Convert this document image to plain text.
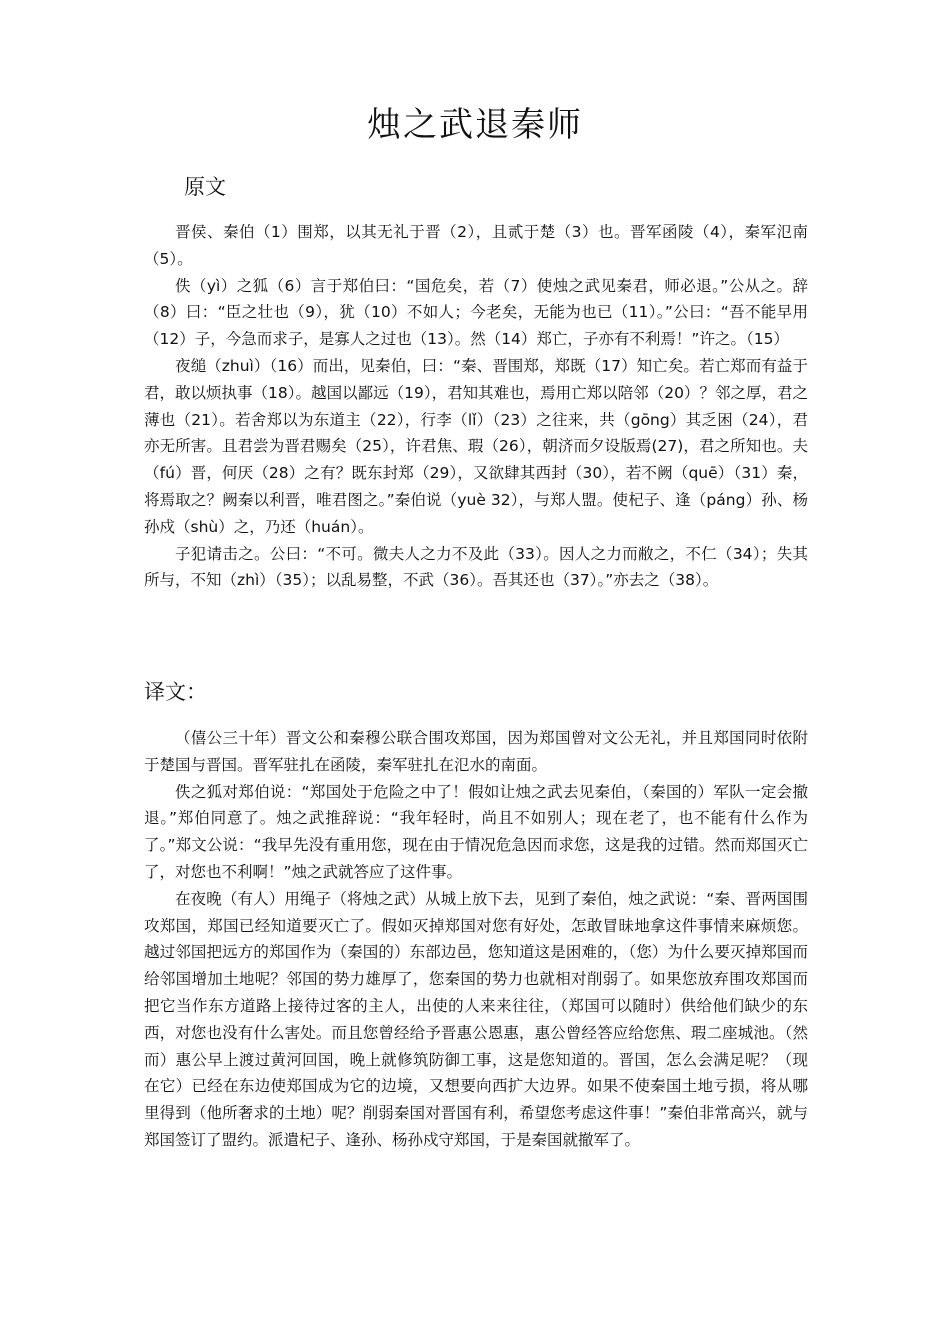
烛之武退秦师
原文

晋侯、秦伯（1）围郑，以其无礼于晋（2），且贰于楚（3）也。晋军函陵（4），秦军氾南（5）。

佚（yì）之狐（6）言于郑伯曰：“国危矣，若（7）使烛之武见秦君，师必退。”公从之。辞（8）曰：“臣之壮也（9），犹（10）不如人；今老矣，无能为也已（11）。”公曰：“吾不能早用（12）子，今急而求子，是寡人之过也（13）。然（14）郑亡，子亦有不利焉！”许之。（15）

夜缒（zhuì）（16）而出，见秦伯，曰：“秦、晋围郑，郑既（17）知亡矣。若亡郑而有益于君，敢以烦执事（18）。越国以鄙远（19），君知其难也，焉用亡郑以陪邻（20）？邻之厚，君之薄也（21）。若舍郑以为东道主（22），行李（lǐ）（23）之往来，共（gōng）其乏困（24），君亦无所害。且君尝为晋君赐矣（25），许君焦、瑕（26），朝济而夕设版焉(27)，君之所知也。夫（fú）晋，何厌（28）之有？既东封郑（29），又欲肆其西封（30），若不阙（quē）（31）秦，将焉取之？阙秦以利晋，唯君图之。”秦伯说（yuè 32），与郑人盟。使杞子、逢（páng）孙、杨孙戍（shù）之，乃还（huán）。

子犯请击之。公曰：“不可。微夫人之力不及此（33）。因人之力而敝之，不仁（34）；失其所与，不知（zhì）（35）；以乱易整，不武（36）。吾其还也（37）。”亦去之（38）。

译文：

（僖公三十年）晋文公和秦穆公联合围攻郑国，因为郑国曾对文公无礼，并且郑国同时依附于楚国与晋国。晋军驻扎在函陵，秦军驻扎在氾水的南面。

佚之狐对郑伯说：“郑国处于危险之中了！假如让烛之武去见秦伯，（秦国的）军队一定会撤退。”郑伯同意了。烛之武推辞说：“我年轻时，尚且不如别人；现在老了，也不能有什么作为了。”郑文公说：“我早先没有重用您，现在由于情况危急因而求您，这是我的过错。然而郑国灭亡了，对您也不利啊！”烛之武就答应了这件事。

在夜晚（有人）用绳子（将烛之武）从城上放下去，见到了秦伯，烛之武说：“秦、晋两国围攻郑国，郑国已经知道要灭亡了。假如灭掉郑国对您有好处，怎敢冒昧地拿这件事情来麻烦您。越过邻国把远方的郑国作为（秦国的）东部边邑，您知道这是困难的，（您）为什么要灭掉郑国而给邻国增加土地呢？邻国的势力雄厚了，您秦国的势力也就相对削弱了。如果您放弃围攻郑国而把它当作东方道路上接待过客的主人，出使的人来来往往，（郑国可以随时）供给他们缺少的东西，对您也没有什么害处。而且您曾经给予晋惠公恩惠，惠公曾经答应给您焦、瑕二座城池。（然而）惠公早上渡过黄河回国，晚上就修筑防御工事，这是您知道的。晋国，怎么会满足呢？（现在它）已经在东边使郑国成为它的边境，又想要向西扩大边界。如果不使秦国土地亏损，将从哪里得到（他所奢求的土地）呢？削弱秦国对晋国有利，希望您考虑这件事！”秦伯非常高兴，就与郑国签订了盟约。派遣杞子、逢孙、杨孙戍守郑国，于是秦国就撤军了。
